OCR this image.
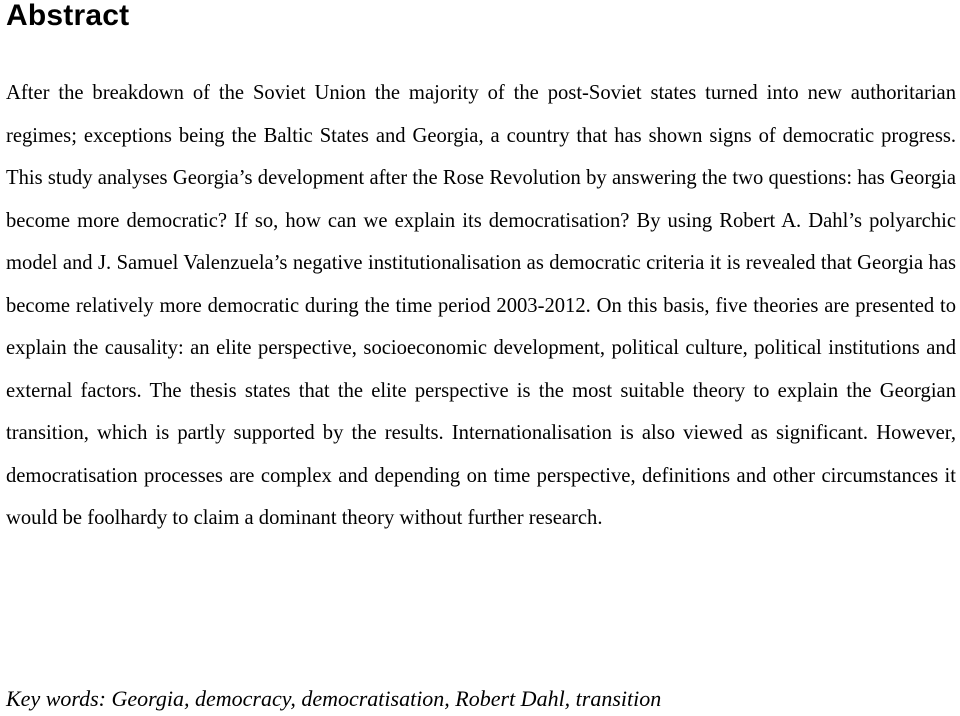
Abstract

After the breakdown of the Soviet Union the majority of the post-Soviet states turned into new authoritarian regimes; exceptions being the Baltic States and Georgia, a country that has shown signs of democratic progress. This study analyses Georgia’s development after the Rose Revolution by answering the two questions: has Georgia become more democratic? If so, how can we explain its democratisation? By using Robert A. Dahl’s polyarchic model and J. Samuel Valenzuela’s negative institutionalisation as democratic criteria it is revealed that Georgia has become relatively more democratic during the time period 2003-2012. On this basis, five theories are presented to explain the causality: an elite perspective, socioeconomic development, political culture, political institutions and external factors. The thesis states that the elite perspective is the most suitable theory to explain the Georgian transition, which is partly supported by the results. Internationalisation is also viewed as significant. However, democratisation processes are complex and depending on time perspective, definitions and other circumstances it would be foolhardy to claim a dominant theory without further research.

Key words: Georgia, democracy, democratisation, Robert Dahl, transition
